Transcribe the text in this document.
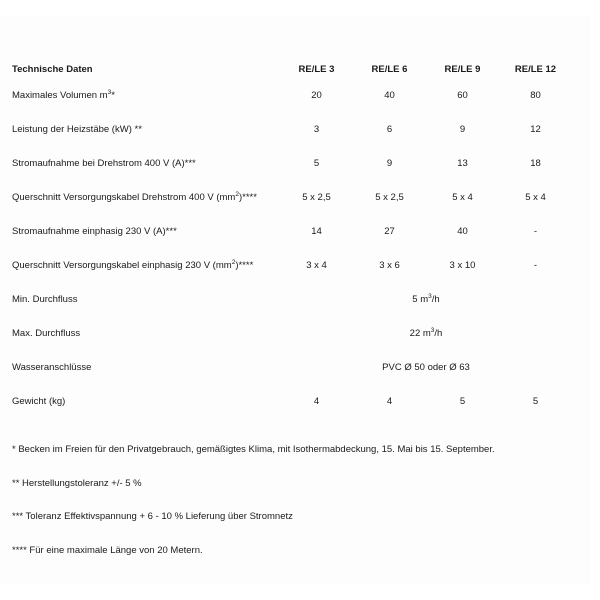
Technische Daten	RE/LE 3	RE/LE 6	RE/LE 9	RE/LE 12
Maximales Volumen $m^3*$	20	40	60	80
Leistung der Heizstäbe (kW) **	3	6	9	12
Stromaufnahme bei Drehstrom 400 V (A)***	5	9	13	18
Querschnitt Versorgungskabel Drehstrom 400 V $(mm^2)****$	5 x 2,5	5 x 2,5	5 x 4	5 x 4
Stromaufnahme einphasig 230 V (A)***	14	27	40	-
Querschnitt Versorgungskabel einphasig 230 V $(mm^2)****$	3 x 4	3 x 6	3 x 10	-
Min. Durchfluss	5 $m^3/h$			
Max. Durchfluss	22 $m^3/h$			
Wasseranschlüsse	PVC Ø 50 oder Ø 63			
Gewicht (kg)	4	4	5	5
* Becken im Freien für den Privatgebrauch, gemäßigtes Klima, mit Isothermabdeckung, 15. Mai bis 15. September.
** Herstellungstoleranz +/- 5 %
*** Toleranz Effektivspannung + 6 - 10 % Lieferung über Stromnetz
**** Für eine maximale Länge von 20 Metern.
